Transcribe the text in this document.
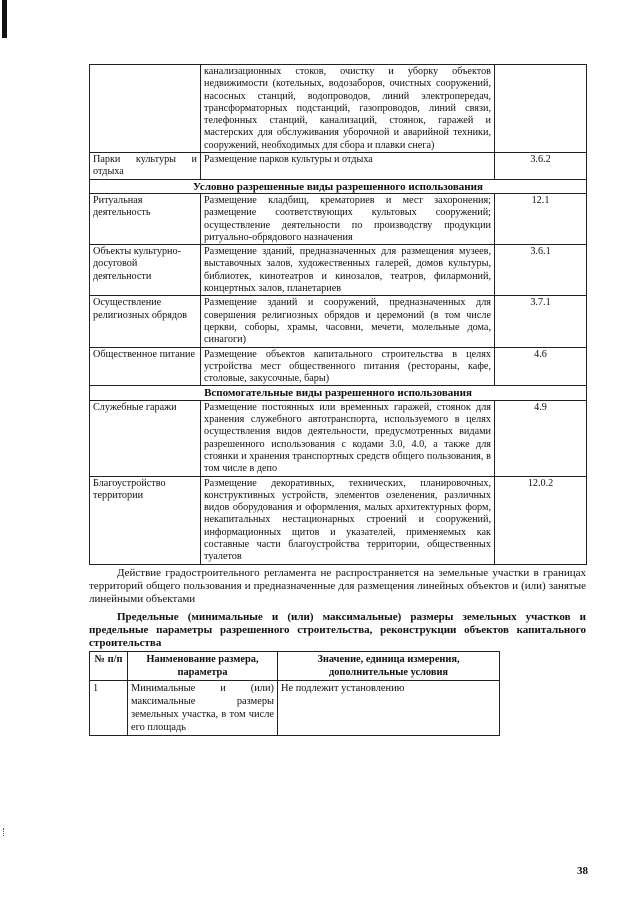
	канализационных стоков, очистку и уборку объектов недвижимости (котельных, водозаборов, очистных сооружений, насосных станций, водопроводов, линий электропередач, трансформаторных подстанций, газопроводов, линий связи, телефонных станций, канализаций, стоянок, гаражей и мастерских для обслуживания уборочной и аварийной техники, сооружений, необходимых для сбора и плавки снега)	
Парки культуры и отдыха	Размещение парков культуры и отдыха	3.6.2
Условно разрешенные виды разрешенного использования		
Ритуальная деятельность	Размещение кладбищ, крематориев и мест захоронения; размещение соответствующих культовых сооружений; осуществление деятельности по производству продукции ритуально-обрядового назначения	12.1
Объекты культурно-досуговой деятельности	Размещение зданий, предназначенных для размещения музеев, выставочных залов, художественных галерей, домов культуры, библиотек, кинотеатров и кинозалов, театров, филармоний, концертных залов, планетариев	3.6.1
Осуществление религиозных обрядов	Размещение зданий и сооружений, предназначенных для совершения религиозных обрядов и церемоний (в том числе церкви, соборы, храмы, часовни, мечети, молельные дома, синагоги)	3.7.1
Общественное питание	Размещение объектов капитального строительства в целях устройства мест общественного питания (рестораны, кафе, столовые, закусочные, бары)	4.6
Вспомогательные виды разрешенного использования		
Служебные гаражи	Размещение постоянных или временных гаражей, стоянок для хранения служебного автотранспорта, используемого в целях осуществления видов деятельности, предусмотренных видами разрешенного использования с кодами 3.0, 4.0, а также для стоянки и хранения транспортных средств общего пользования, в том числе в депо	4.9
Благоустройство территории	Размещение декоративных, технических, планировочных, конструктивных устройств, элементов озеленения, различных видов оборудования и оформления, малых архитектурных форм, некапитальных нестационарных строений и сооружений, информационных щитов и указателей, применяемых как составные части благоустройства территории, общественных туалетов	12.0.2
Действие градостроительного регламента не распространяется на земельные участки в границах территорий общего пользования и предназначенные для размещения линейных объектов и (или) занятые линейными объектами
Предельные (минимальные и (или) максимальные) размеры земельных участков и предельные параметры разрешенного строительства, реконструкции объектов капитального строительства
№ п/п	Наименование размера, параметра	Значение, единица измерения, дополнительные условия
1	Минимальные и (или) максимальные размеры земельных участка, в том числе его площадь	Не подлежит установлению
38
